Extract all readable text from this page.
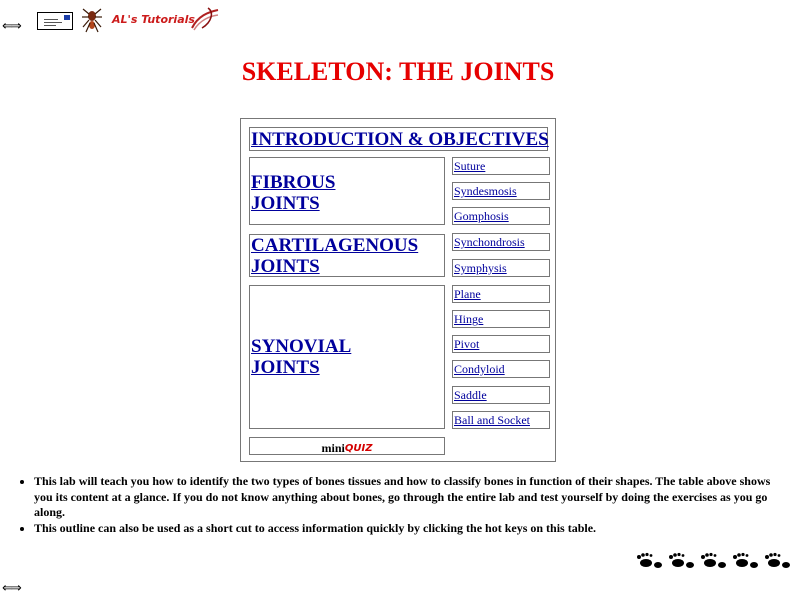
⇐⇒	AL's Tutorials
SKELETON: THE JOINTS
INTRODUCTION & OBJECTIVES
FIBROUS
JOINTS
CARTILAGENOUS
JOINTS
SYNOVIAL
JOINTS
Suture
Syndesmosis
Gomphosis
Synchondrosis
Symphysis
Plane
Hinge
Pivot
Condyloid
Saddle
Ball and Socket
miniQUIZ
• This lab will teach you how to identify the two types of bones tissues and how to classify bones in function of their shapes. The table above shows you its content at a glance. If you do not know anything about bones, go through the entire lab and test yourself by doing the exercises as you go along.
• This outline can also be used as a short cut to access information quickly by clicking the hot keys on this table.
⇐⇒
